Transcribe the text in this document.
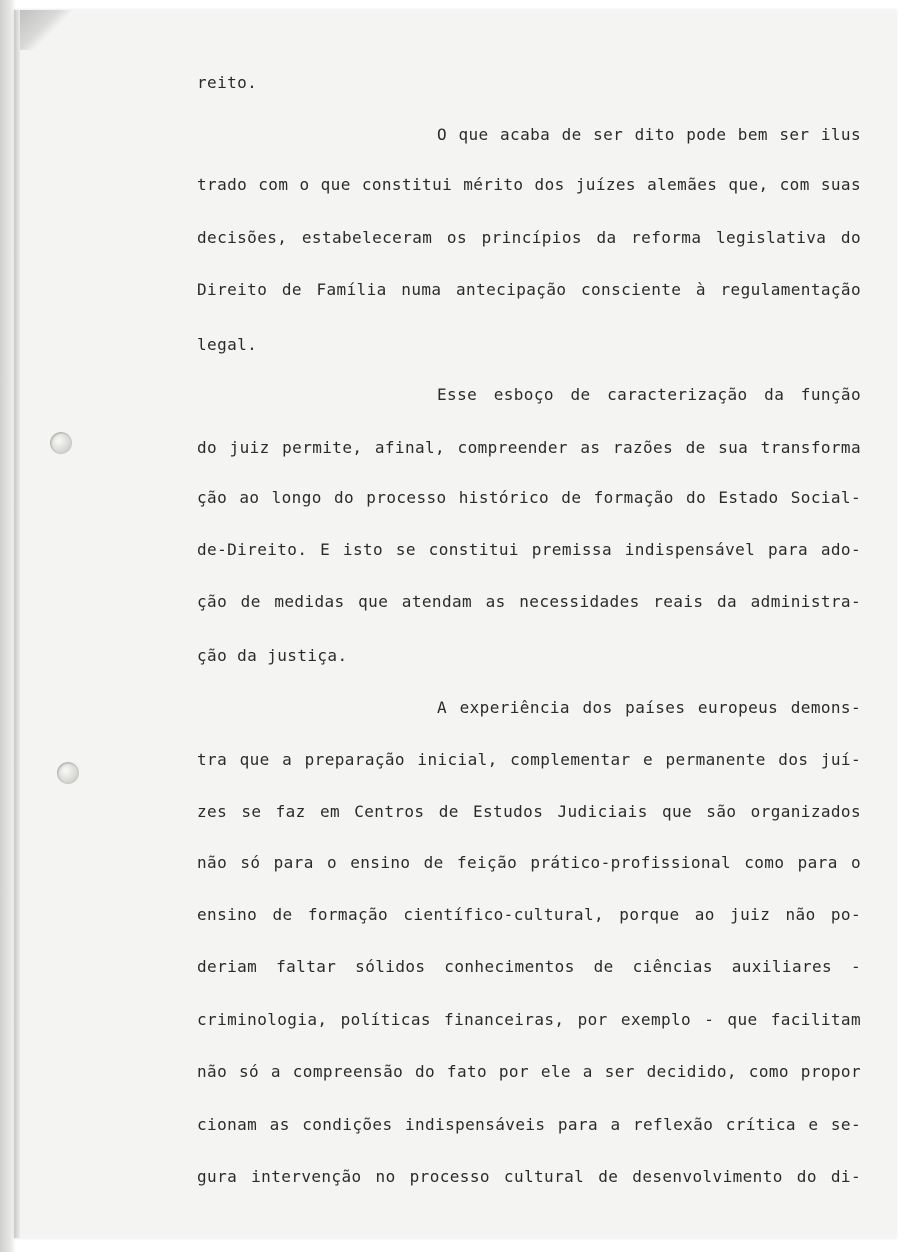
reito.
O que acaba de ser dito pode bem ser ilus
trado com o que constitui mérito dos juízes alemães que, com suas
decisões, estabeleceram os princípios da reforma legislativa do
Direito de Família numa antecipação consciente à regulamentação
legal.
Esse esboço de caracterização da função
do juiz permite, afinal, compreender as razões de sua transforma
ção ao longo do processo histórico de formação do Estado Social-
de-Direito. E isto se constitui premissa indispensável para ado-
ção de medidas que atendam as necessidades reais da administra-
ção da justiça.
A experiência dos países europeus demons-
tra que a preparação inicial, complementar e permanente dos juí-
zes se faz em Centros de Estudos Judiciais que são organizados
não só para o ensino de feição prático-profissional como para o
ensino de formação científico-cultural, porque ao juiz não po-
deriam faltar sólidos conhecimentos de ciências auxiliares -
criminologia, políticas financeiras, por exemplo - que facilitam
não só a compreensão do fato por ele a ser decidido, como propor
cionam as condições indispensáveis para a reflexão crítica e se-
gura intervenção no processo cultural de desenvolvimento do di-
